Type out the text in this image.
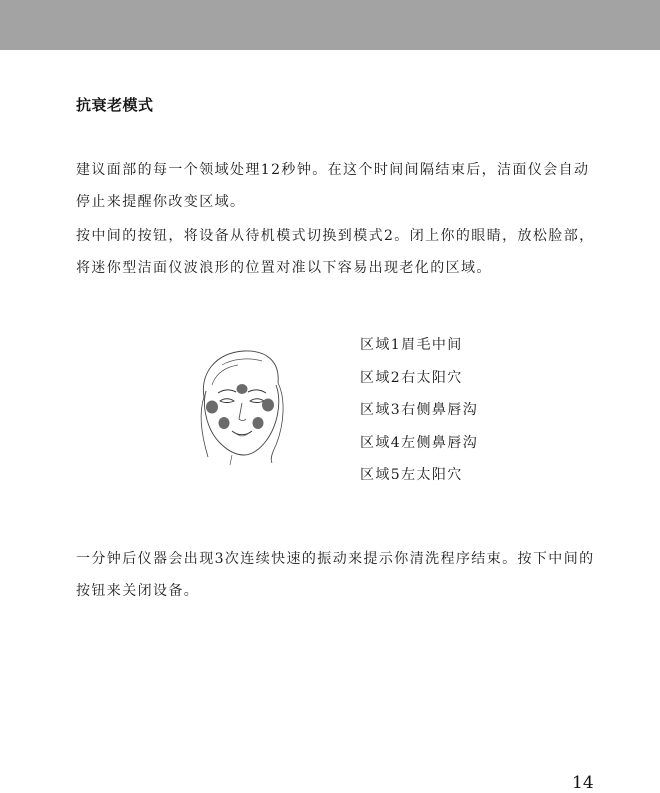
抗衰老模式

建议面部的每一个领域处理12秒钟。在这个时间间隔结束后，洁面仪会自动
停止来提醒你改变区域。

按中间的按钮，将设备从待机模式切换到模式2。闭上你的眼睛，放松脸部，
将迷你型洁面仪波浪形的位置对准以下容易出现老化的区域。

区域1眉毛中间
区域2右太阳穴
区域3右侧鼻唇沟
区域4左侧鼻唇沟
区域5左太阳穴

一分钟后仪器会出现3次连续快速的振动来提示你清洗程序结束。按下中间的
按钮来关闭设备。

14
